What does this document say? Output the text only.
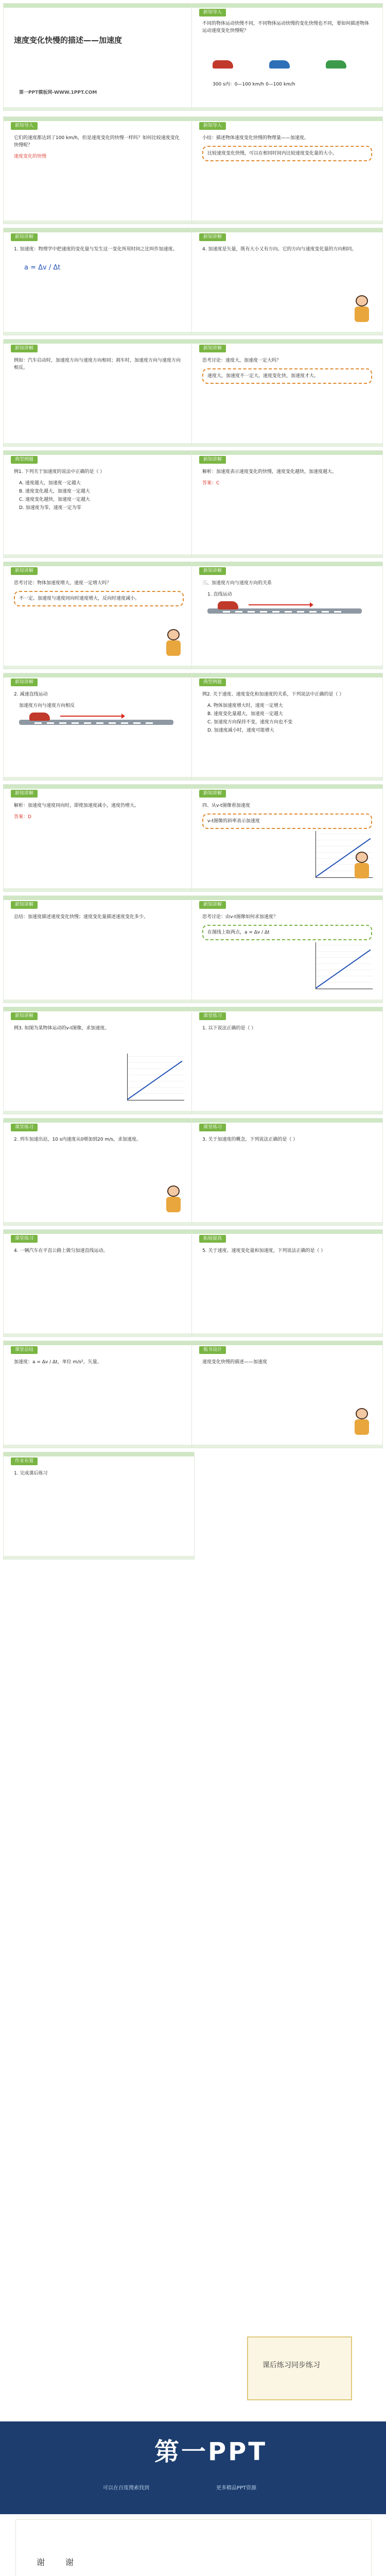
速度变化快慢的描述——加速度
第一PPT模板网-WWW.1PPT.COM
新知导入
不同的物体运动快慢不同，不同物体运动快慢的变化快慢也不同，要如何描述物体运动速度变化快慢呢？
300 s内：0—100 km/h 0—100 km/h
新知导入
它们的速度都达到了100 km/h，但是速度变化的快慢一样吗？如何比较速度变化快慢呢？
速度变化的快慢
新知导入
小结：描述物体速度变化快慢的物理量——加速度。
比较速度变化快慢，可以在相同时间内比较速度变化量的大小。
新知讲解
1. 加速度：物理学中把速度的变化量与发生这一变化所用时间之比叫作加速度。
a = Δv / Δt
新知讲解
4. 加速度是矢量，既有大小又有方向。它的方向与速度变化量的方向相同。
新知讲解
例如：汽车启动时，加速度方向与速度方向相同；刹车时，加速度方向与速度方向相反。
新知讲解
思考讨论：速度大，加速度一定大吗？
速度大，加速度不一定大。速度变化快，加速度才大。
典型例题
例1. 下列关于加速度的说法中正确的是（ ）
A. 速度越大，加速度一定越大
B. 速度变化越大，加速度一定越大
C. 速度变化越快，加速度一定越大
D. 加速度为零，速度一定为零
新知讲解
解析：加速度表示速度变化的快慢，速度变化越快，加速度越大。
答案：C
新知讲解
思考讨论：物体加速度增大，速度一定增大吗？
不一定。加速度与速度同向时速度增大，反向时速度减小。
新知讲解
三、加速度方向与速度方向的关系
1. 直线运动
新知讲解
2. 减速直线运动
加速度方向与速度方向相反
典型例题
例2. 关于速度、速度变化和加速度的关系，下列说法中正确的是（ ）
A. 物体加速度增大时，速度一定增大
B. 速度变化量越大，加速度一定越大
C. 加速度方向保持不变，速度方向也不变
D. 加速度减小时，速度可能增大
新知讲解
解析：加速度与速度同向时，即使加速度减小，速度仍增大。
答案：D
新知讲解
四、从v-t图像看加速度
v-t图像的斜率表示加速度
新知讲解
总结：加速度描述速度变化快慢；速度变化量描述速度变化多少。
新知讲解
思考讨论：由v-t图像如何求加速度？
在图线上取两点，a = Δv / Δt
新知讲解
例3. 如图为某物体运动的v-t图像，求加速度。
课堂练习
1. 以下说法正确的是（ ）
课堂练习
2. 列车加速出站，10 s内速度从0增加到20 m/s，求加速度。
课堂练习
3. 关于加速度的概念，下列说法正确的是（ ）
课堂练习
4. 一辆汽车在平直公路上做匀加速直线运动。
拓展提高
5. 关于速度、速度变化量和加速度，下列说法正确的是（ ）
课堂总结
加速度：a = Δv / Δt，单位 m/s²，矢量。
板书设计
速度变化快慢的描述——加速度
作业布置
1. 完成课后练习
课后练习同步练习
第一PPT
可以在百度搜索找到	更多精品PPT资源
谢　谢
